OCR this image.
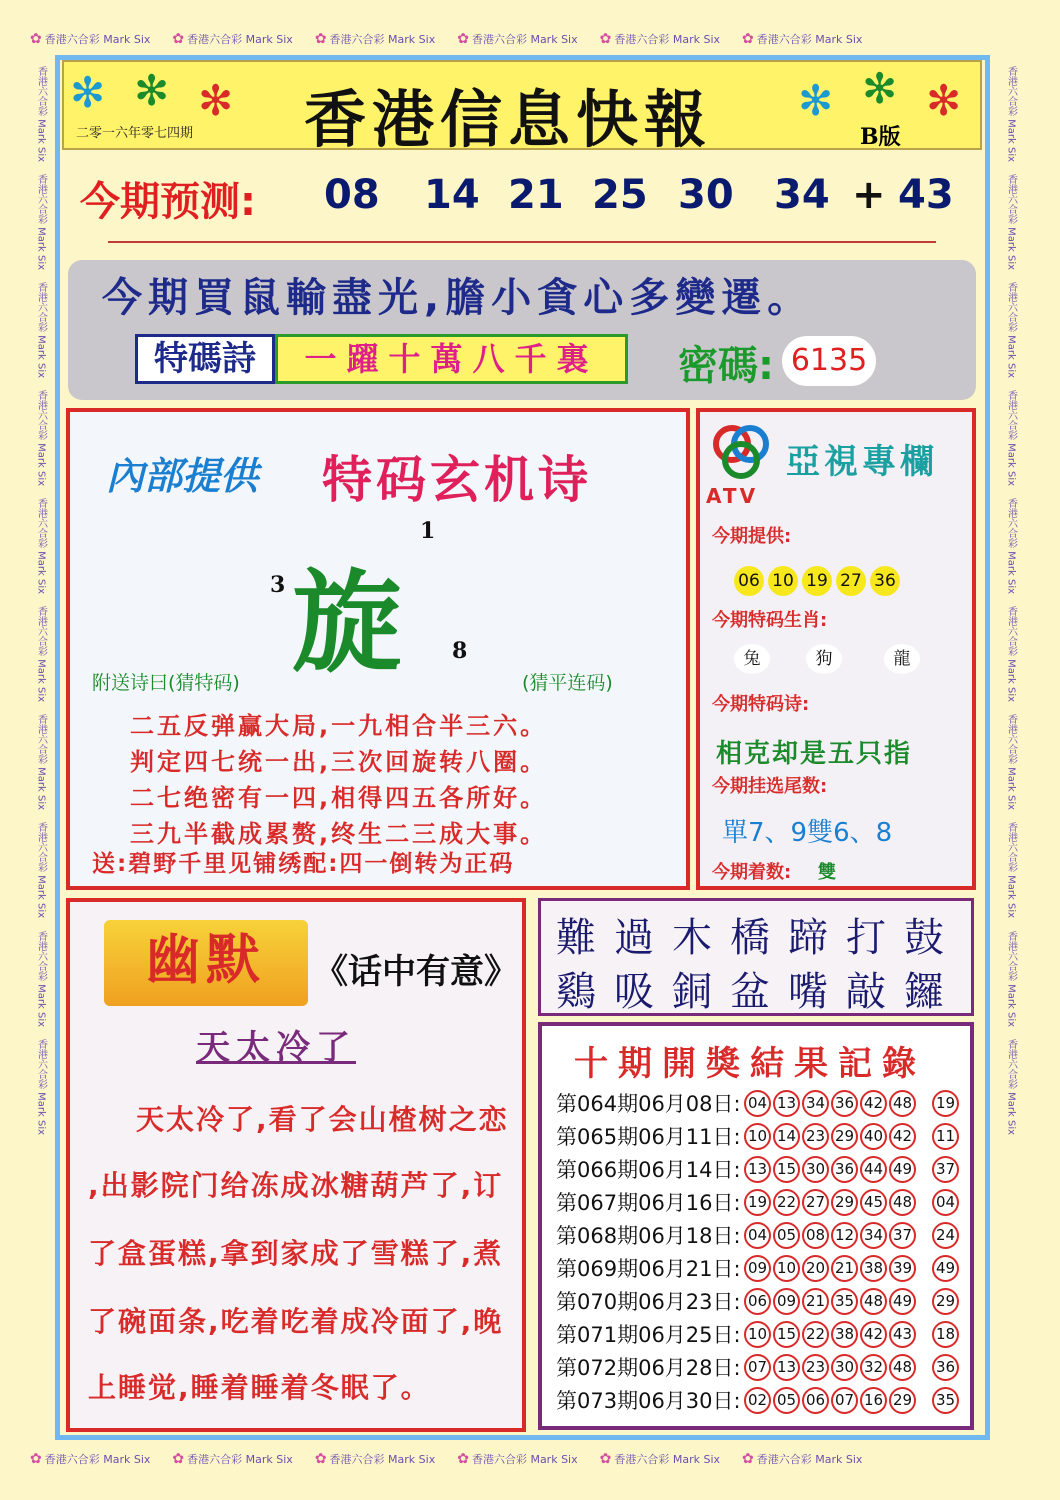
✿ 香港六合彩 Mark Six ✿ 香港六合彩 Mark Six ✿ 香港六合彩 Mark Six ✿ 香港六合彩 Mark Six ✿ 香港六合彩 Mark Six ✿ 香港六合彩 Mark Six
✿ 香港六合彩 Mark Six ✿ 香港六合彩 Mark Six ✿ 香港六合彩 Mark Six ✿ 香港六合彩 Mark Six ✿ 香港六合彩 Mark Six ✿ 香港六合彩 Mark Six
香港六合彩 Mark Six
香港六合彩 Mark Six
香港六合彩 Mark Six
香港六合彩 Mark Six
香港六合彩 Mark Six
香港六合彩 Mark Six
香港六合彩 Mark Six
香港六合彩 Mark Six
香港六合彩 Mark Six
香港六合彩 Mark Six
香港六合彩 Mark Six
香港六合彩 Mark Six
香港六合彩 Mark Six
香港六合彩 Mark Six
香港六合彩 Mark Six
香港六合彩 Mark Six
香港六合彩 Mark Six
香港六合彩 Mark Six
香港六合彩 Mark Six
香港六合彩 Mark Six
✻ ✻ ✻ 香港信息快報 ✻ ✻ ✻
二零一六年零七四期	B版
今期预测: 08 14 21 25 30 34 + 43
今期買鼠輸盡光,膽小貪心多變遷。
特碼詩	一躍十萬八千裏	密碼: 6135
內部提供 特码玄机诗
1
3 旋 8
附送诗曰(猜特码)	(猜平连码)
二五反弹赢大局,一九相合半三六。
判定四七统一出,三次回旋转八圈。
二七绝密有一四,相得四五各所好。
三九半截成累赘,终生二三成大事。
送:碧野千里见铺绣配:四一倒转为正码
ATV
亞視專欄
今期提供:
06 10 19 27 36
今期特码生肖:
兔	狗	龍
今期特码诗:
相克却是五只指
今期挂选尾数:
單7、9雙6、8
今期着数: 雙
幽默	《话中有意》
天太冷了
天太冷了,看了会山楂树之恋
,出影院门给冻成冰糖葫芦了,订
了盒蛋糕,拿到家成了雪糕了,煮
了碗面条,吃着吃着成冷面了,晚
上睡觉,睡着睡着冬眠了。
難過木橋蹄打鼓
鷄吸銅盆嘴敲鑼
十期開獎結果記錄
第064期06月08日: 04 13 34 36 42 48 19
第065期06月11日: 10 14 23 29 40 42 11
第066期06月14日: 13 15 30 36 44 49 37
第067期06月16日: 19 22 27 29 45 48 04
第068期06月18日: 04 05 08 12 34 37 24
第069期06月21日: 09 10 20 21 38 39 49
第070期06月23日: 06 09 21 35 48 49 29
第071期06月25日: 10 15 22 38 42 43 18
第072期06月28日: 07 13 23 30 32 48 36
第073期06月30日: 02 05 06 07 16 29 35
